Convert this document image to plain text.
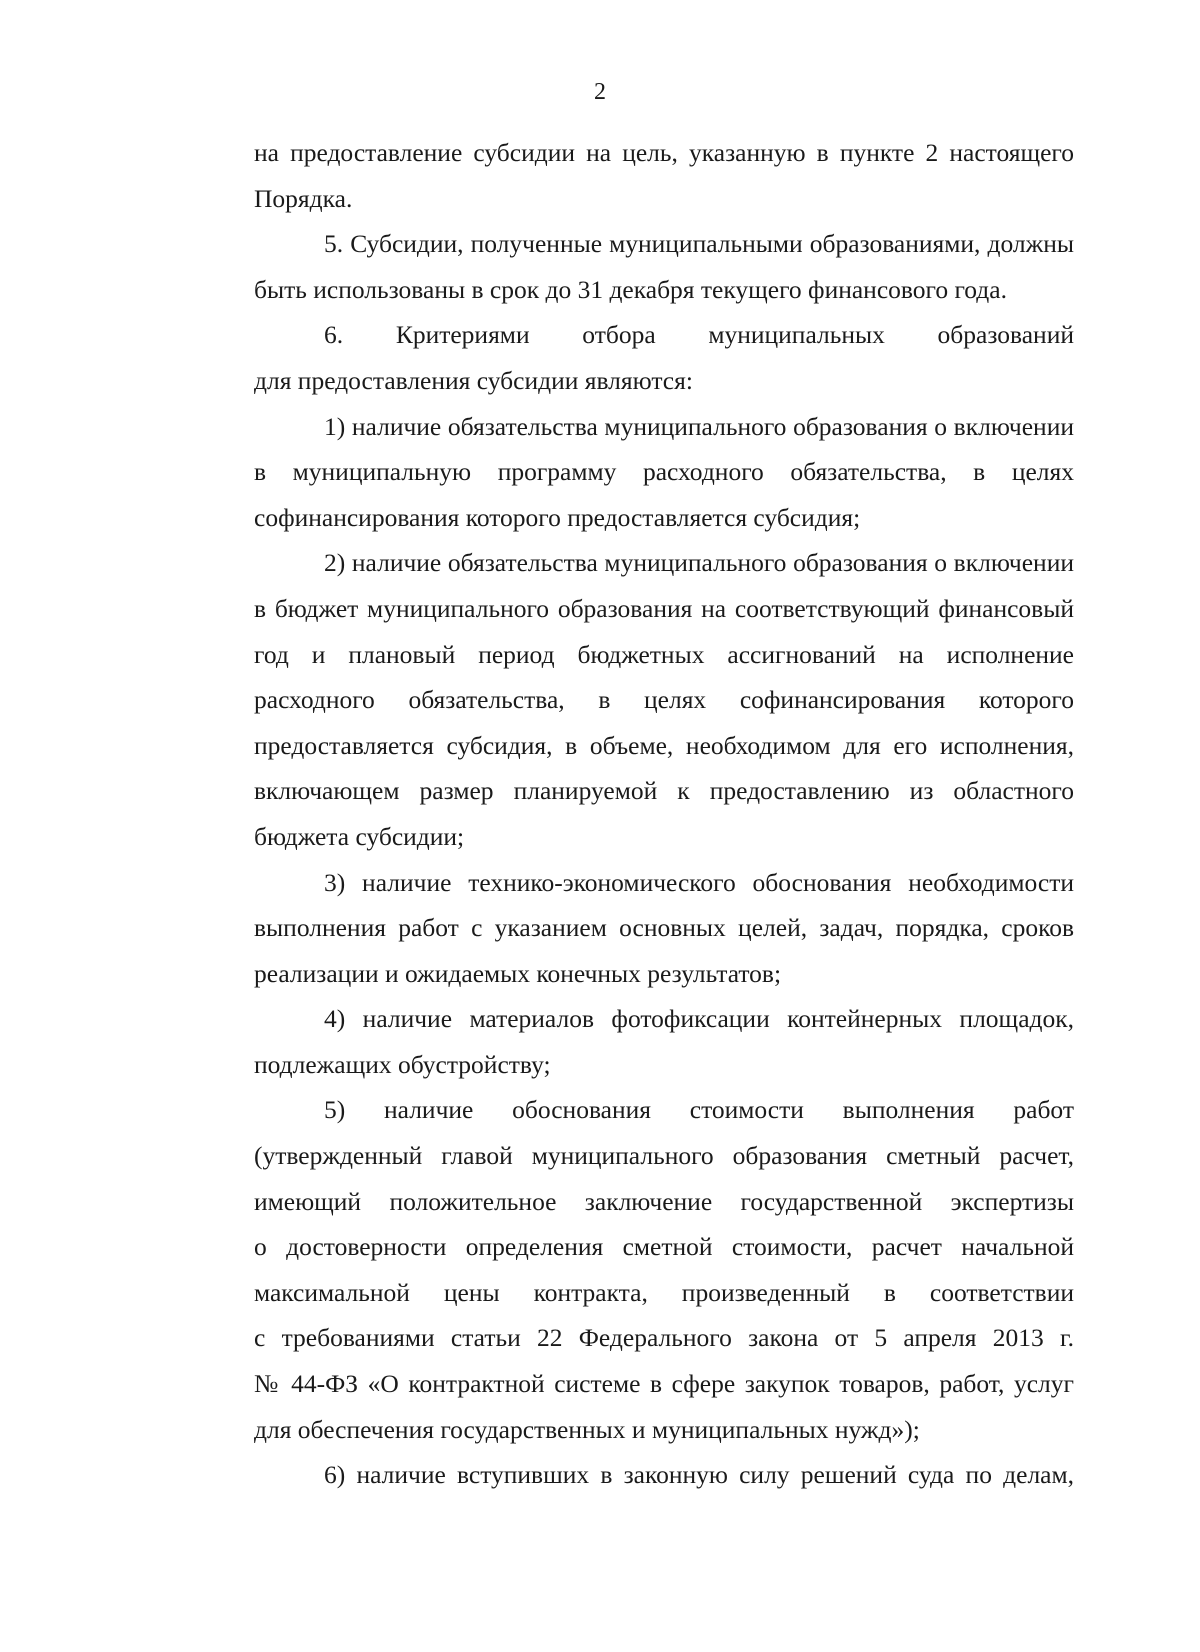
2
на предоставление субсидии на цель, указанную в пункте 2 настоящего
Порядка.
5. Субсидии, полученные муниципальными образованиями, должны
быть использованы в срок до 31 декабря текущего финансового года.
6. Критериями отбора муниципальных образований
для предоставления субсидии являются:
1) наличие обязательства муниципального образования о включении
в муниципальную программу расходного обязательства, в целях
софинансирования которого предоставляется субсидия;
2) наличие обязательства муниципального образования о включении
в бюджет муниципального образования на соответствующий финансовый
год и плановый период бюджетных ассигнований на исполнение
расходного обязательства, в целях софинансирования которого
предоставляется субсидия, в объеме, необходимом для его исполнения,
включающем размер планируемой к предоставлению из областного
бюджета субсидии;
3) наличие технико-экономического обоснования необходимости
выполнения работ с указанием основных целей, задач, порядка, сроков
реализации и ожидаемых конечных результатов;
4) наличие материалов фотофиксации контейнерных площадок,
подлежащих обустройству;
5) наличие обоснования стоимости выполнения работ
(утвержденный главой муниципального образования сметный расчет,
имеющий положительное заключение государственной экспертизы
о достоверности определения сметной стоимости, расчет начальной
максимальной цены контракта, произведенный в соответствии
с требованиями статьи 22 Федерального закона от 5 апреля 2013 г.
№ 44-ФЗ «О контрактной системе в сфере закупок товаров, работ, услуг
для обеспечения государственных и муниципальных нужд»);
6) наличие вступивших в законную силу решений суда по делам,
